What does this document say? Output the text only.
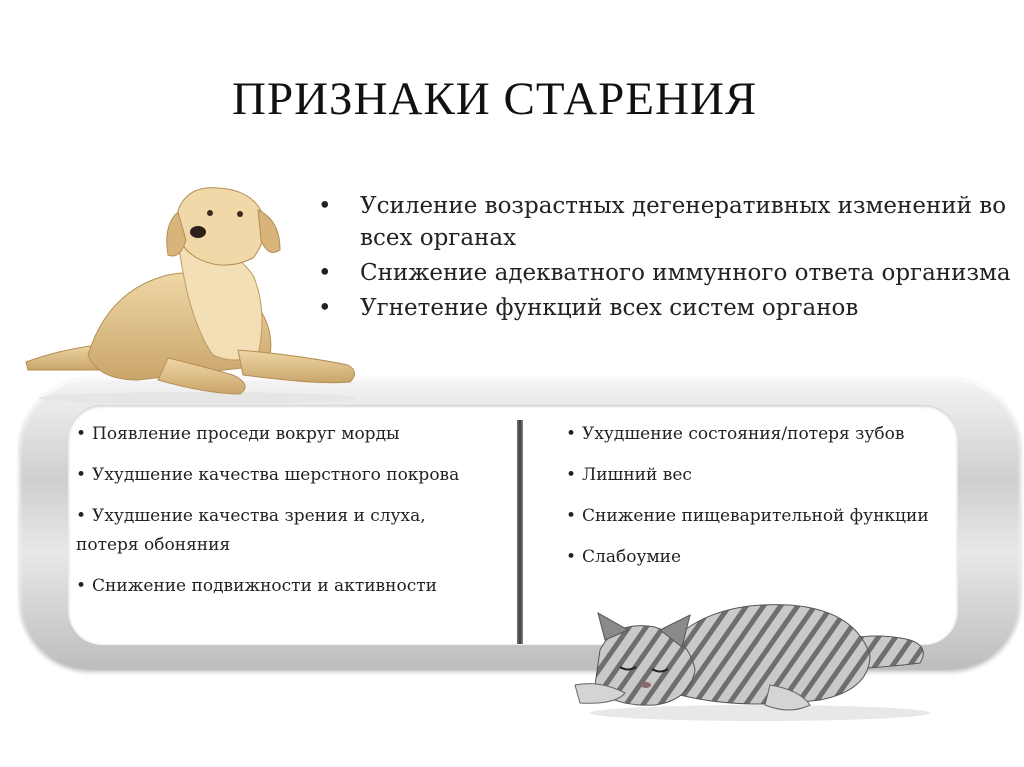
ПРИЗНАКИ СТАРЕНИЯ
• Усиление возрастных дегенеративных изменений во всех органах
• Снижение адекватного иммунного ответа организма
• Угнетение функций всех систем органов
• Появление проседи вокруг морды
• Ухудшение качества шерстного покрова
• Ухудшение качества зрения и слуха,
потеря обоняния
• Снижение подвижности и активности
• Ухудшение состояния/потеря зубов
• Лишний вес
• Снижение пищеварительной функции
• Слабоумие
